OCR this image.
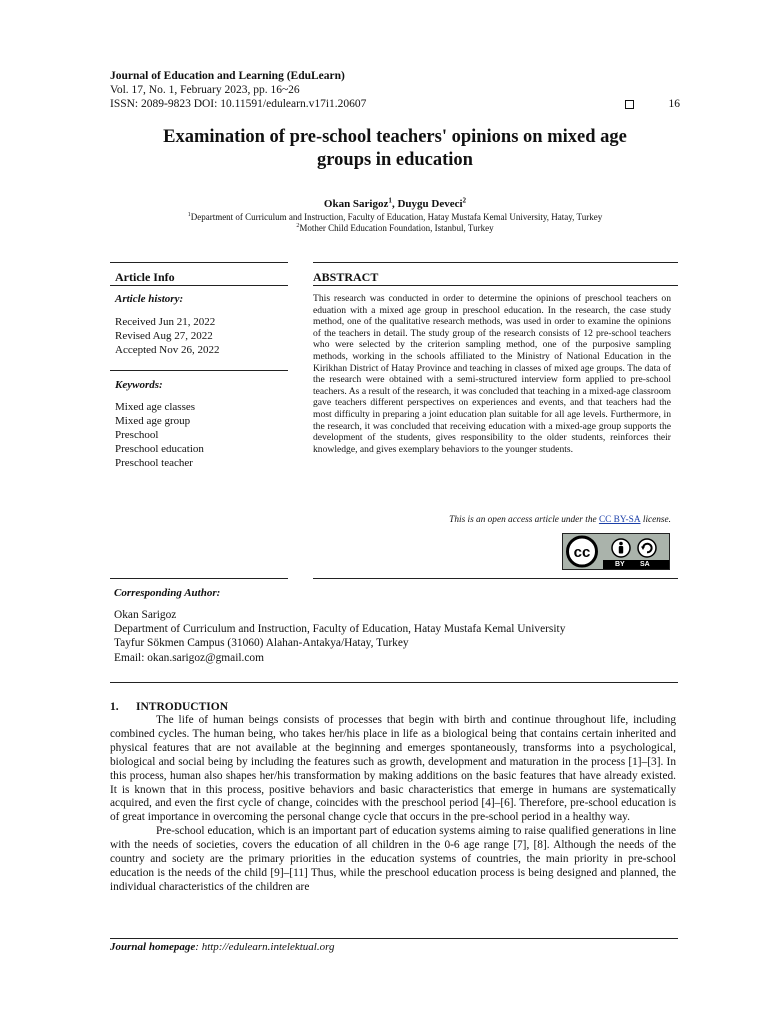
Journal of Education and Learning (EduLearn)
Vol. 17, No. 1, February 2023, pp. 16~26
ISSN: 2089-9823 DOI: 10.11591/edulearn.v17i1.20607	16
Examination of pre-school teachers' opinions on mixed age
groups in education
Okan Sarigoz$^1$, Duygu Deveci$^2$
$^1$Department of Curriculum and Instruction, Faculty of Education, Hatay Mustafa Kemal University, Hatay, Turkey
$^2$Mother Child Education Foundation, Istanbul, Turkey
Article Info
Article history:
Received Jun 21, 2022
Revised Aug 27, 2022
Accepted Nov 26, 2022
Keywords:
Mixed age classes
Mixed age group
Preschool
Preschool education
Preschool teacher
ABSTRACT
This research was conducted in order to determine the opinions of preschool teachers on eduation with a mixed age group in preschool education. In the research, the case study method, one of the qualitative research methods, was used in order to examine the opinions of the teachers in detail. The study group of the research consists of 12 pre-school teachers who were selected by the criterion sampling method, one of the purposive sampling methods, working in the schools affiliated to the Ministry of National Education in the Kirikhan District of Hatay Province and teaching in classes of mixed age groups. The data of the research were obtained with a semi-structured interview form applied to pre-school teachers. As a result of the research, it was concluded that teaching in a mixed-age classroom gave teachers different perspectives on experiences and events, and that teachers had the most difficulty in preparing a joint education plan suitable for all age levels. Furthermore, in the research, it was concluded that receiving education with a mixed-age group supports the development of the students, gives responsibility to the older students, reinforces their knowledge, and gives exemplary behaviors to the younger students.
This is an open access article under the CC BY-SA license.
cc
BY SA
Corresponding Author:
Okan Sarigoz
Department of Curriculum and Instruction, Faculty of Education, Hatay Mustafa Kemal University
Tayfur Sökmen Campus (31060) Alahan-Antakya/Hatay, Turkey
Email: okan.sarigoz@gmail.com
1. INTRODUCTION

The life of human beings consists of processes that begin with birth and continue throughout life, including combined cycles. The human being, who takes her/his place in life as a biological being that contains certain inherited and physical features that are not available at the beginning and emerges spontaneously, transforms into a psychological, biological and social being by including the features such as growth, development and maturation in the process [1]–[3]. In this process, human also shapes her/his transformation by making additions on the basic features that have already existed. It is known that in this process, positive behaviors and basic characteristics that emerge in humans are systematically acquired, and even the first cycle of change, coincides with the preschool period [4]–[6]. Therefore, pre-school education is of great importance in overcoming the personal change cycle that occurs in the pre-school period in a healthy way.

Pre-school education, which is an important part of education systems aiming to raise qualified generations in line with the needs of societies, covers the education of all children in the 0-6 age range [7], [8]. Although the needs of the country and society are the primary priorities in the education systems of countries, the main priority in pre-school education is the needs of the child [9]–[11] Thus, while the preschool education process is being designed and planned, the individual characteristics of the children are

Journal homepage: http://edulearn.intelektual.org
